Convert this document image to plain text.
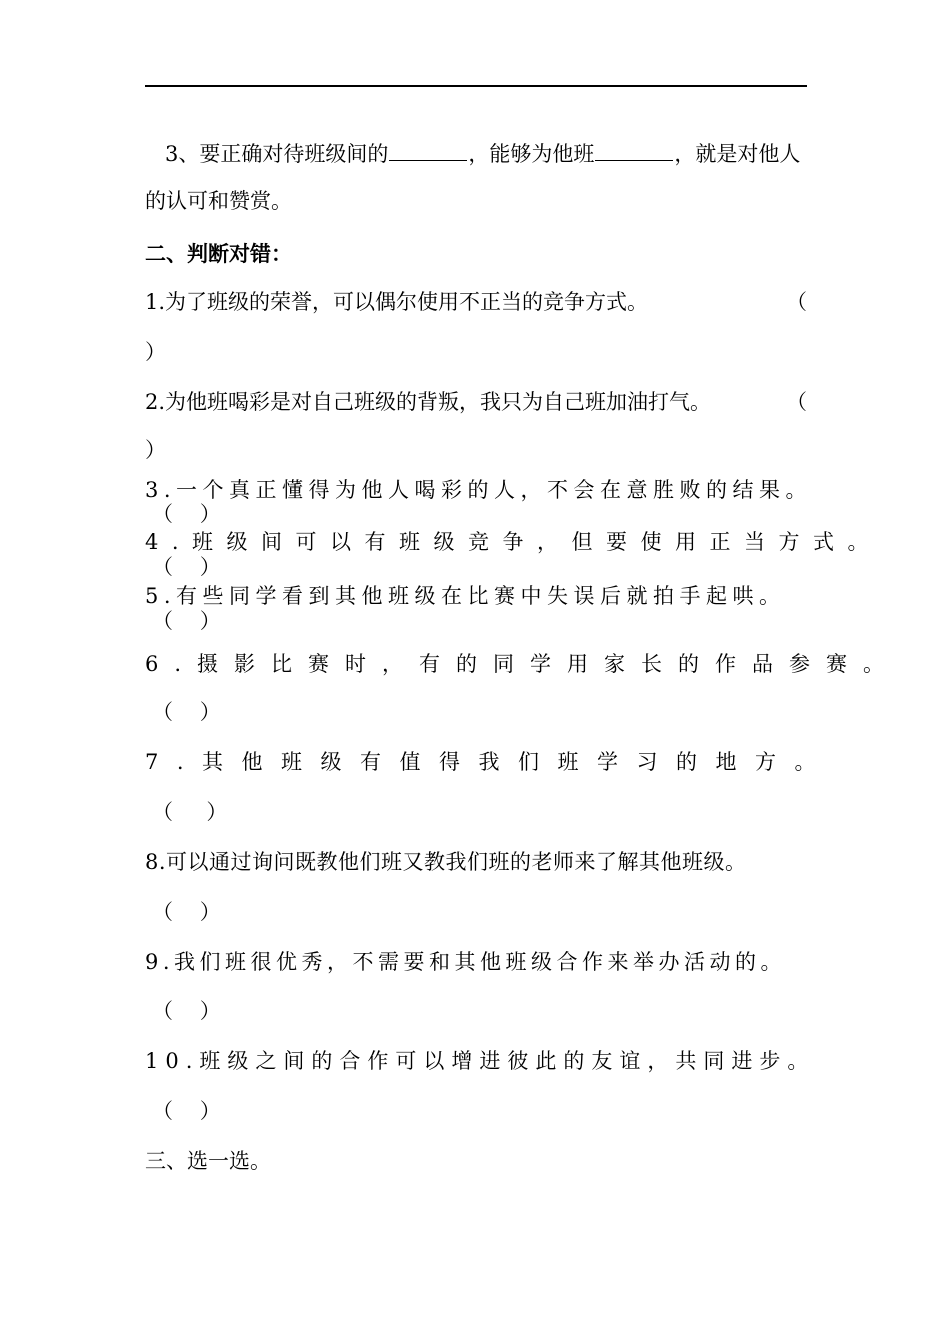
3、要正确对待班级间的	，能够为他班	，就是对他人
的认可和赞赏。
二、判断对错：
1.为了班级的荣誉，可以偶尔使用不正当的竞争方式。	（
）
2.为他班喝彩是对自己班级的背叛，我只为自己班加油打气。	（
）
3.一个真正懂得为他人喝彩的人，不会在意胜败的结果。
（    ）
4.班级间可以有班级竞争，但要使用正当方式。
（    ）
5.有些同学看到其他班级在比赛中失误后就拍手起哄。
（    ）
6.摄影比赛时，有的同学用家长的作品参赛。
（    ）
7.其他班级有值得我们班学习的地方。
（     ）
8.可以通过询问既教他们班又教我们班的老师来了解其他班级。
（    ）
9.我们班很优秀，不需要和其他班级合作来举办活动的。
（    ）
10.班级之间的合作可以增进彼此的友谊，共同进步。
（    ）
三、选一选。
